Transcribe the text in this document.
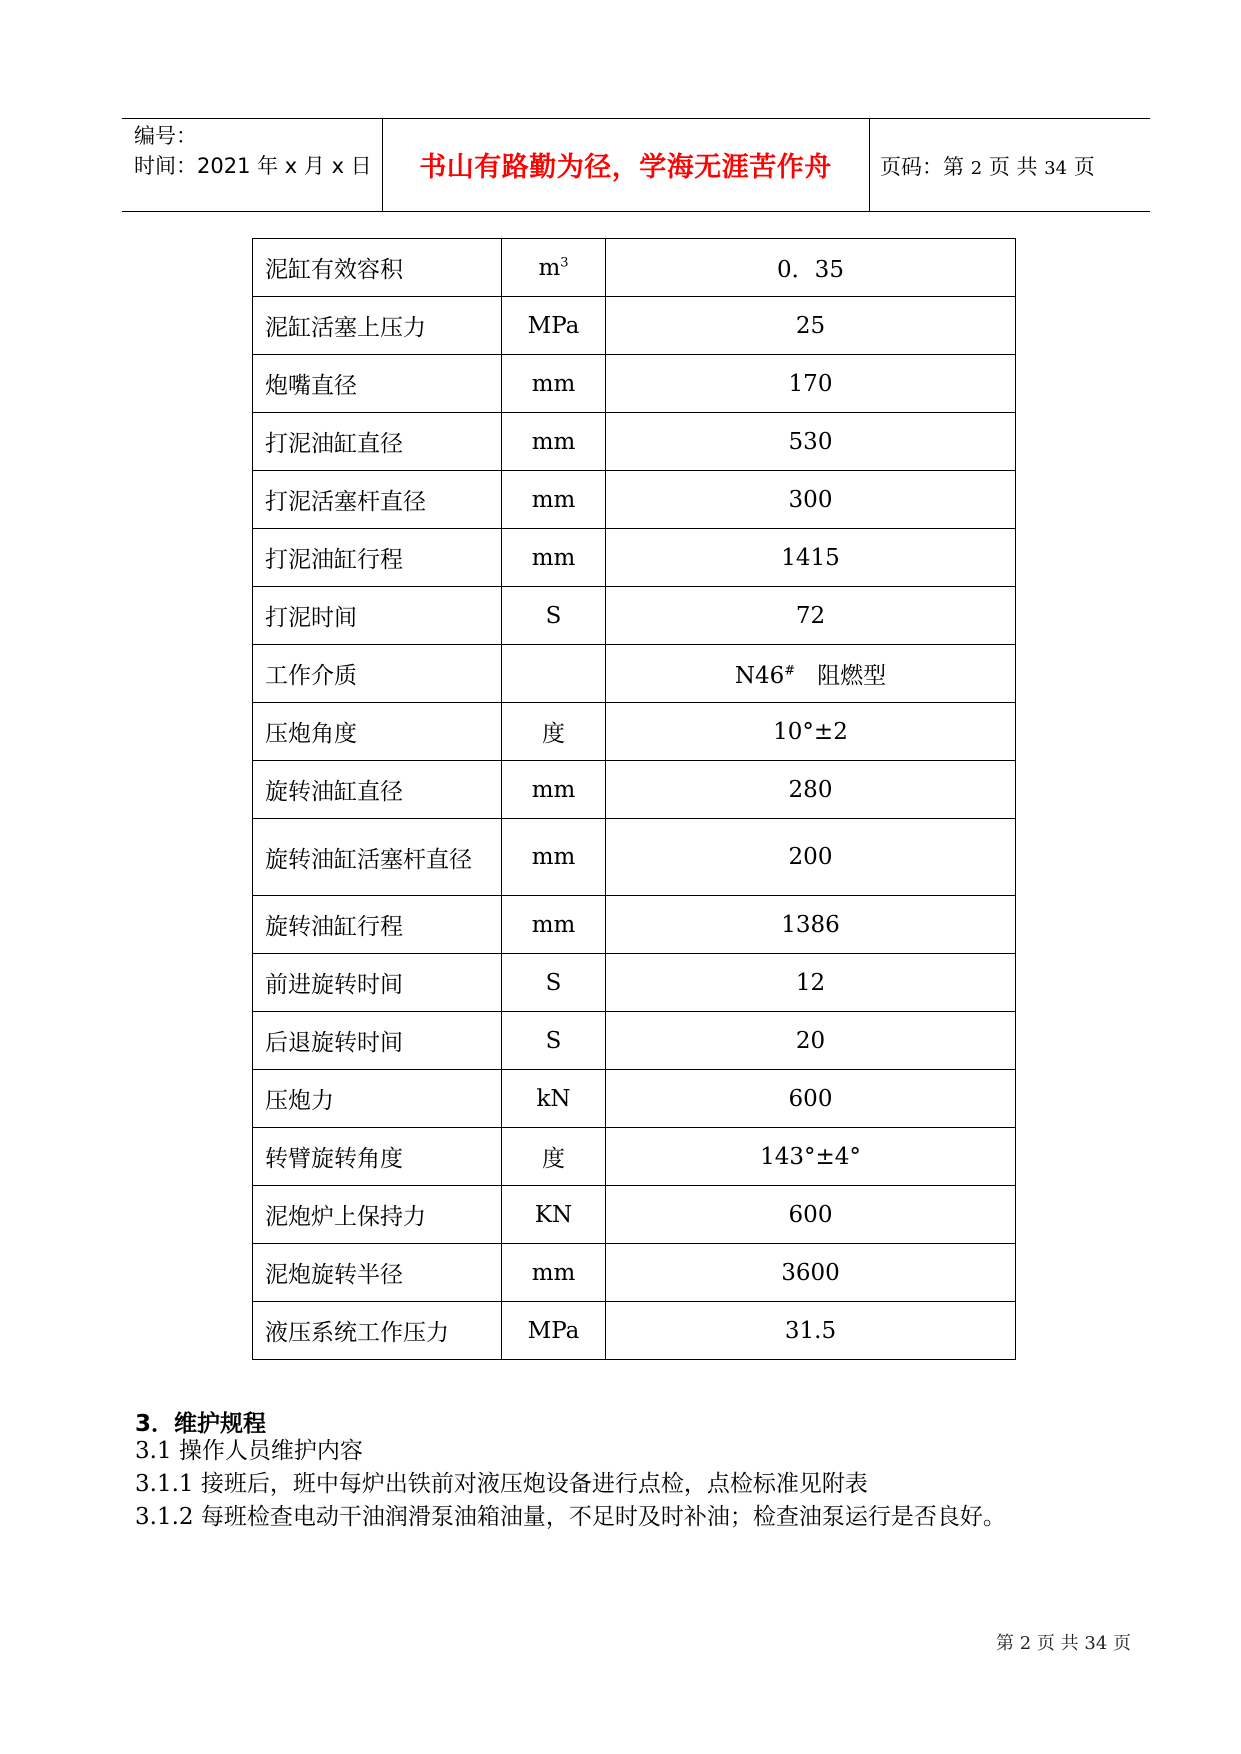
编号：
时间：2021 年 x 月 x 日	书山有路勤为径，学海无涯苦作舟	页码：第 2 页 共 34 页
泥缸有效容积	$m^3$	0．35
泥缸活塞上压力	MPa	25
炮嘴直径	mm	170
打泥油缸直径	mm	530
打泥活塞杆直径	mm	300
打泥油缸行程	mm	1415
打泥时间	S	72
工作介质		N46#   阻燃型
压炮角度	度	10°±2
旋转油缸直径	mm	280
旋转油缸活塞杆直径	mm	200
旋转油缸行程	mm	1386
前进旋转时间	S	12
后退旋转时间	S	20
压炮力	kN	600
转臂旋转角度	度	143°±4°
泥炮炉上保持力	KN	600
泥炮旋转半径	mm	3600
液压系统工作压力	MPa	31.5
3．维护规程
3.1 操作人员维护内容
3.1.1 接班后，班中每炉出铁前对液压炮设备进行点检，点检标准见附表
3.1.2 每班检查电动干油润滑泵油箱油量，不足时及时补油；检查油泵运行是否良好。
第 2 页 共 34 页
